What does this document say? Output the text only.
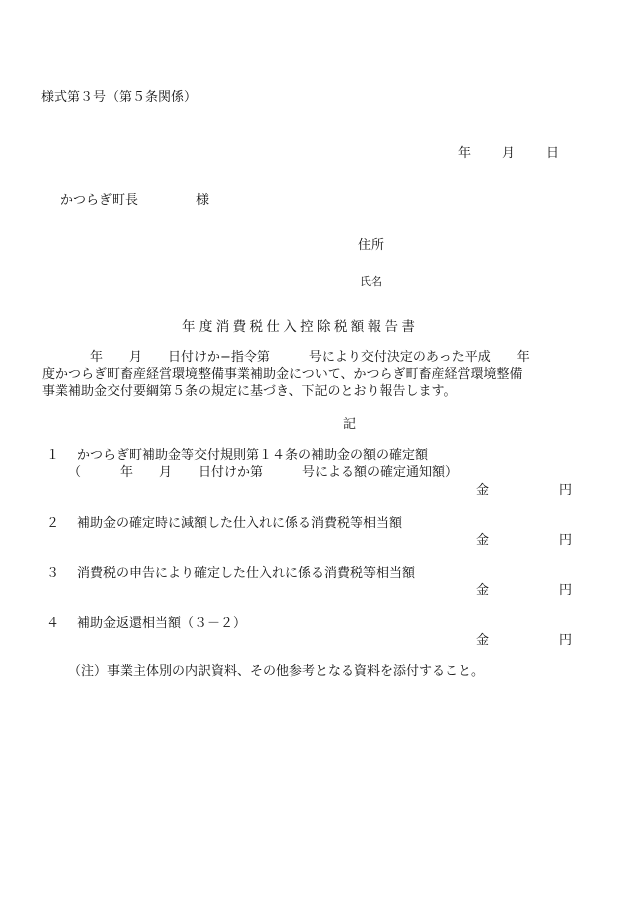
様式第３号（第５条関係）
年 月 日
かつらぎ町長	様
住所
氏名
年度消費税仕入控除税額報告書
年　　月　　日付けか−指令第　　　号により交付決定のあった平成　　年
度かつらぎ町畜産経営環境整備事業補助金について、かつらぎ町畜産経営環境整備
事業補助金交付要綱第５条の規定に基づき、下記のとおり報告します。
記
１ かつらぎ町補助金等交付規則第１４条の補助金の額の確定額
（　　　年　　月　　日付けか第　　　号による額の確定通知額）
金	円
２ 補助金の確定時に減額した仕入れに係る消費税等相当額
金	円
３ 消費税の申告により確定した仕入れに係る消費税等相当額
金	円
４ 補助金返還相当額（３－２）
金	円
（注）事業主体別の内訳資料、その他参考となる資料を添付すること。
